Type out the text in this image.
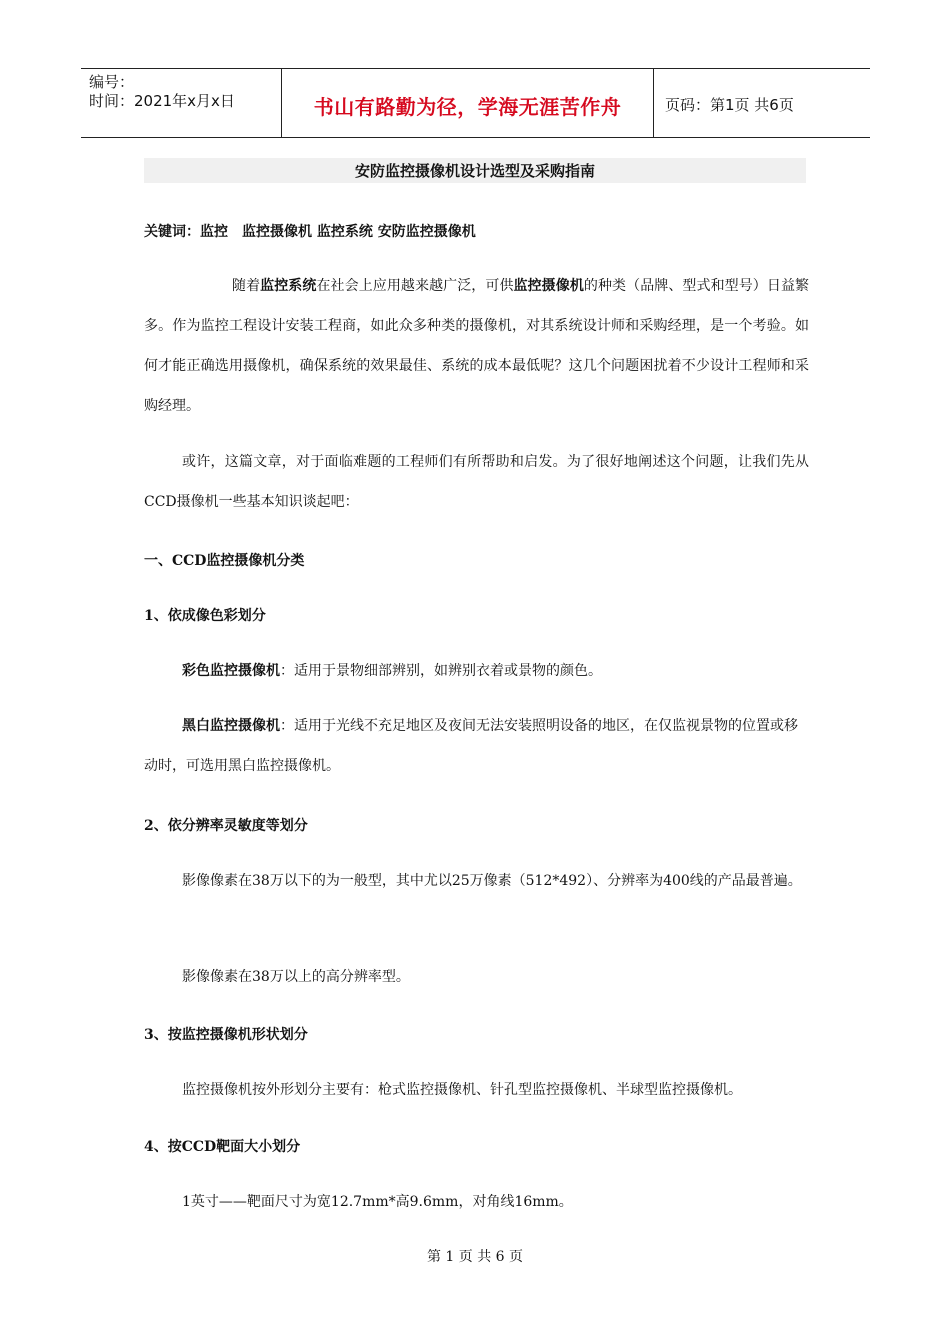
编号：
时间：2021年x月x日	书山有路勤为径，学海无涯苦作舟	页码：第1页 共6页
安防监控摄像机设计选型及采购指南
关键词：监控　监控摄像机 监控系统 安防监控摄像机
随着监控系统在社会上应用越来越广泛，可供监控摄像机的种类（品牌、型式和型号）日益繁多。作为监控工程设计安装工程商，如此众多种类的摄像机，对其系统设计师和采购经理，是一个考验。如何才能正确选用摄像机，确保系统的效果最佳、系统的成本最低呢？这几个问题困扰着不少设计工程师和采购经理。
或许，这篇文章，对于面临难题的工程师们有所帮助和启发。为了很好地阐述这个问题，让我们先从CCD摄像机一些基本知识谈起吧：
一、CCD监控摄像机分类
1、依成像色彩划分
彩色监控摄像机：适用于景物细部辨别，如辨别衣着或景物的颜色。
黑白监控摄像机：适用于光线不充足地区及夜间无法安装照明设备的地区，在仅监视景物的位置或移动时，可选用黑白监控摄像机。
2、依分辨率灵敏度等划分
影像像素在38万以下的为一般型，其中尤以25万像素（512*492）、分辨率为400线的产品最普遍。
影像像素在38万以上的高分辨率型。
3、按监控摄像机形状划分
监控摄像机按外形划分主要有：枪式监控摄像机、针孔型监控摄像机、半球型监控摄像机。
4、按CCD靶面大小划分
1英寸——靶面尺寸为宽12.7mm*高9.6mm，对角线16mm。
第 1 页 共 6 页
